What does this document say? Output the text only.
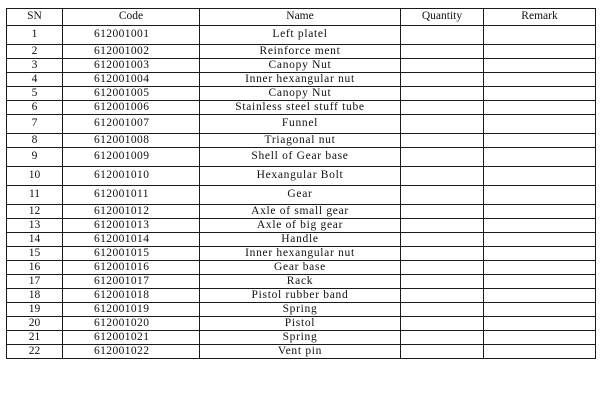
SN	Code	Name	Quantity	Remark
1	612001001	Left platel		
2	612001002	Reinforce ment		
3	612001003	Canopy Nut		
4	612001004	Inner hexangular nut		
5	612001005	Canopy Nut		
6	612001006	Stainless steel stuff tube		
7	612001007	Funnel		
8	612001008	Triagonal nut		
9	612001009	Shell of Gear base		
10	612001010	Hexangular Bolt		
11	612001011	Gear		
12	612001012	Axle of small gear		
13	612001013	Axle of big gear		
14	612001014	Handle		
15	612001015	Inner hexangular nut		
16	612001016	Gear base		
17	612001017	Rack		
18	612001018	Pistol rubber band		
19	612001019	Spring		
20	612001020	Pistol		
21	612001021	Spring		
22	612001022	Vent pin		
